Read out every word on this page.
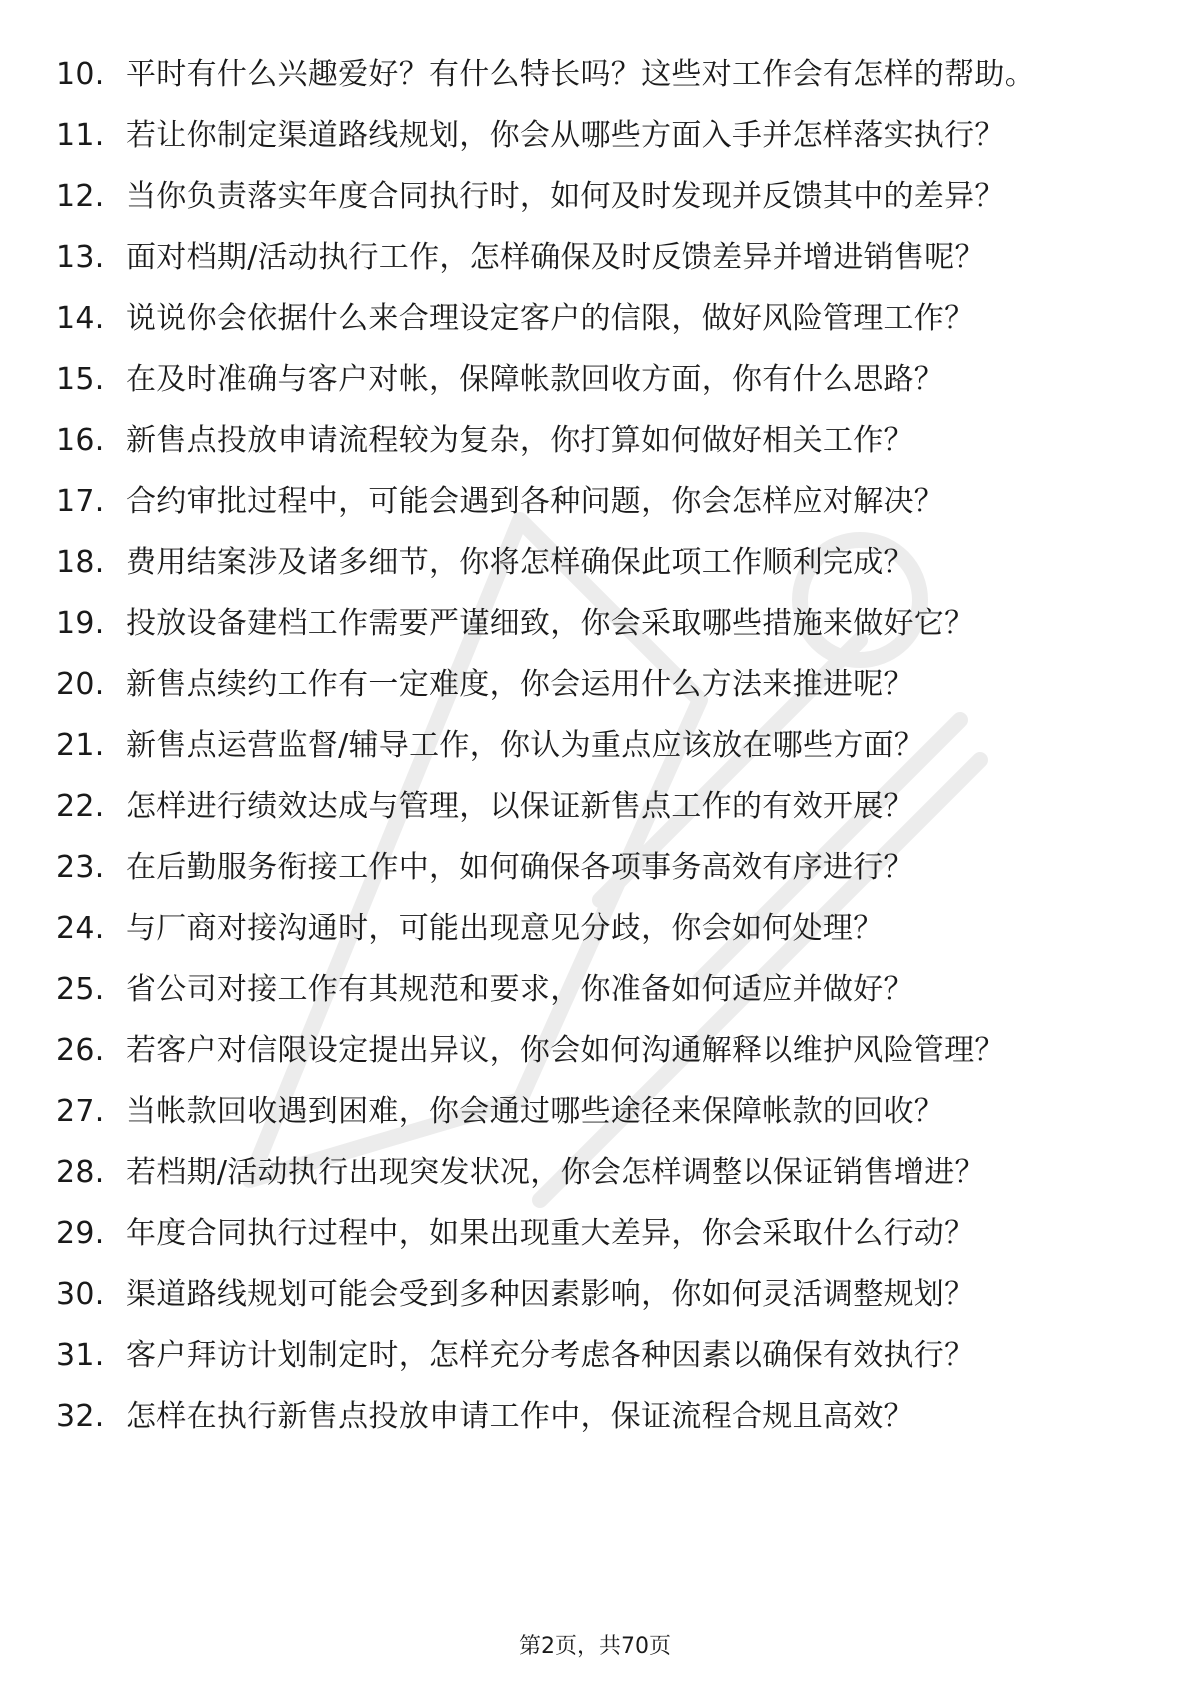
10. 平时有什么兴趣爱好？有什么特长吗？这些对工作会有怎样的帮助。
11. 若让你制定渠道路线规划，你会从哪些方面入手并怎样落实执行？
12. 当你负责落实年度合同执行时，如何及时发现并反馈其中的差异？
13. 面对档期/活动执行工作，怎样确保及时反馈差异并增进销售呢？
14. 说说你会依据什么来合理设定客户的信限，做好风险管理工作？
15. 在及时准确与客户对帐，保障帐款回收方面，你有什么思路？
16. 新售点投放申请流程较为复杂，你打算如何做好相关工作？
17. 合约审批过程中，可能会遇到各种问题，你会怎样应对解决？
18. 费用结案涉及诸多细节，你将怎样确保此项工作顺利完成？
19. 投放设备建档工作需要严谨细致，你会采取哪些措施来做好它？
20. 新售点续约工作有一定难度，你会运用什么方法来推进呢？
21. 新售点运营监督/辅导工作，你认为重点应该放在哪些方面？
22. 怎样进行绩效达成与管理，以保证新售点工作的有效开展？
23. 在后勤服务衔接工作中，如何确保各项事务高效有序进行？
24. 与厂商对接沟通时，可能出现意见分歧，你会如何处理？
25. 省公司对接工作有其规范和要求，你准备如何适应并做好？
26. 若客户对信限设定提出异议，你会如何沟通解释以维护风险管理？
27. 当帐款回收遇到困难，你会通过哪些途径来保障帐款的回收？
28. 若档期/活动执行出现突发状况，你会怎样调整以保证销售增进？
29. 年度合同执行过程中，如果出现重大差异，你会采取什么行动？
30. 渠道路线规划可能会受到多种因素影响，你如何灵活调整规划？
31. 客户拜访计划制定时，怎样充分考虑各种因素以确保有效执行？
32. 怎样在执行新售点投放申请工作中，保证流程合规且高效？
第2页，共70页
